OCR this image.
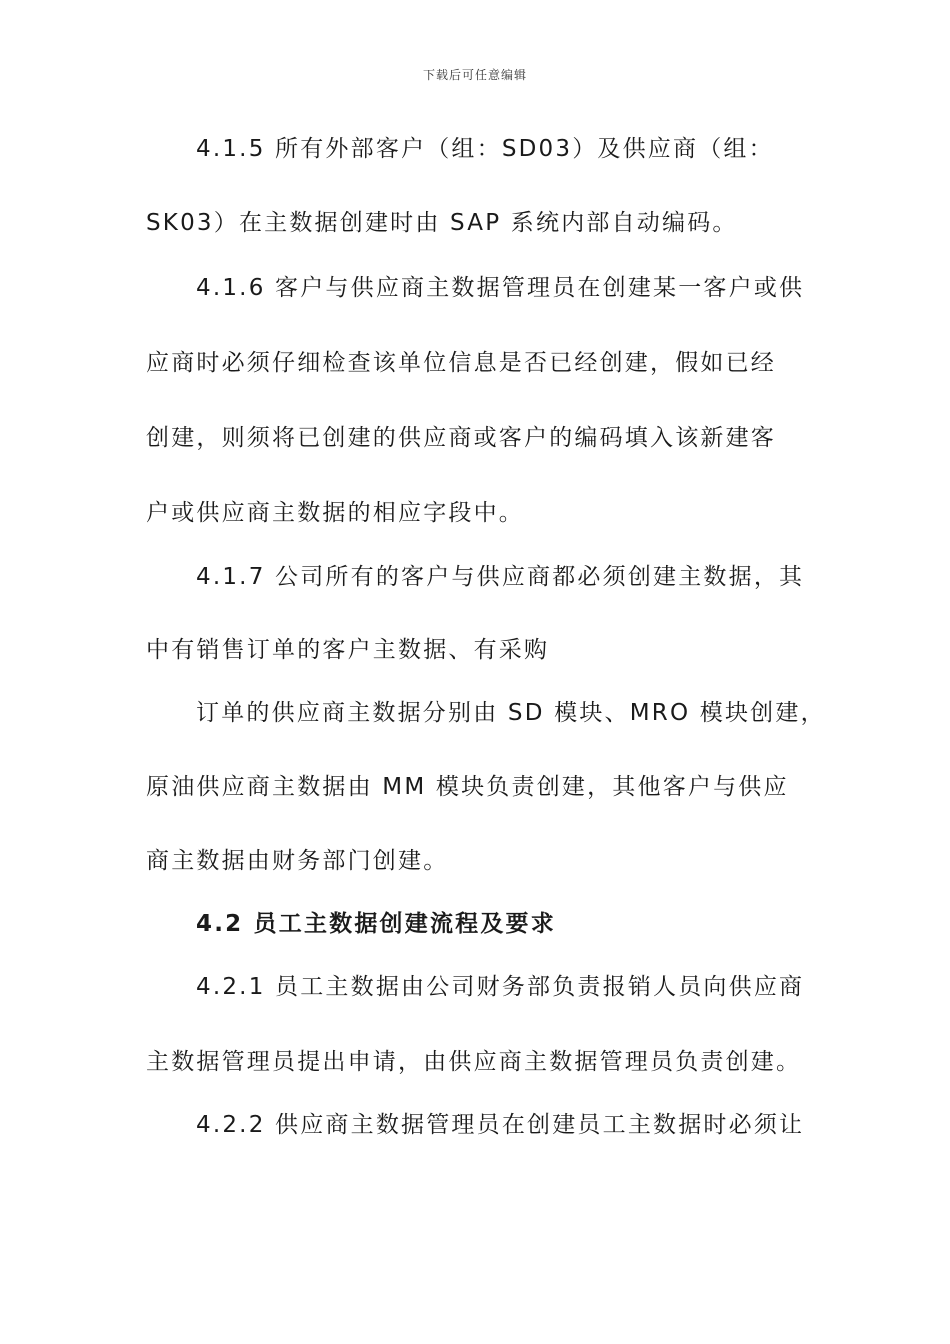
下载后可任意编辑
4.1.5 所有外部客户（组：SD03）及供应商（组：
SK03）在主数据创建时由 SAP 系统内部自动编码。
4.1.6 客户与供应商主数据管理员在创建某一客户或供
应商时必须仔细检查该单位信息是否已经创建，假如已经
创建，则须将已创建的供应商或客户的编码填入该新建客
户或供应商主数据的相应字段中。
4.1.7 公司所有的客户与供应商都必须创建主数据，其
中有销售订单的客户主数据、有采购
订单的供应商主数据分别由 SD 模块、MRO 模块创建，
原油供应商主数据由 MM 模块负责创建，其他客户与供应
商主数据由财务部门创建。
4.2 员工主数据创建流程及要求
4.2.1 员工主数据由公司财务部负责报销人员向供应商
主数据管理员提出申请，由供应商主数据管理员负责创建。
4.2.2 供应商主数据管理员在创建员工主数据时必须让
